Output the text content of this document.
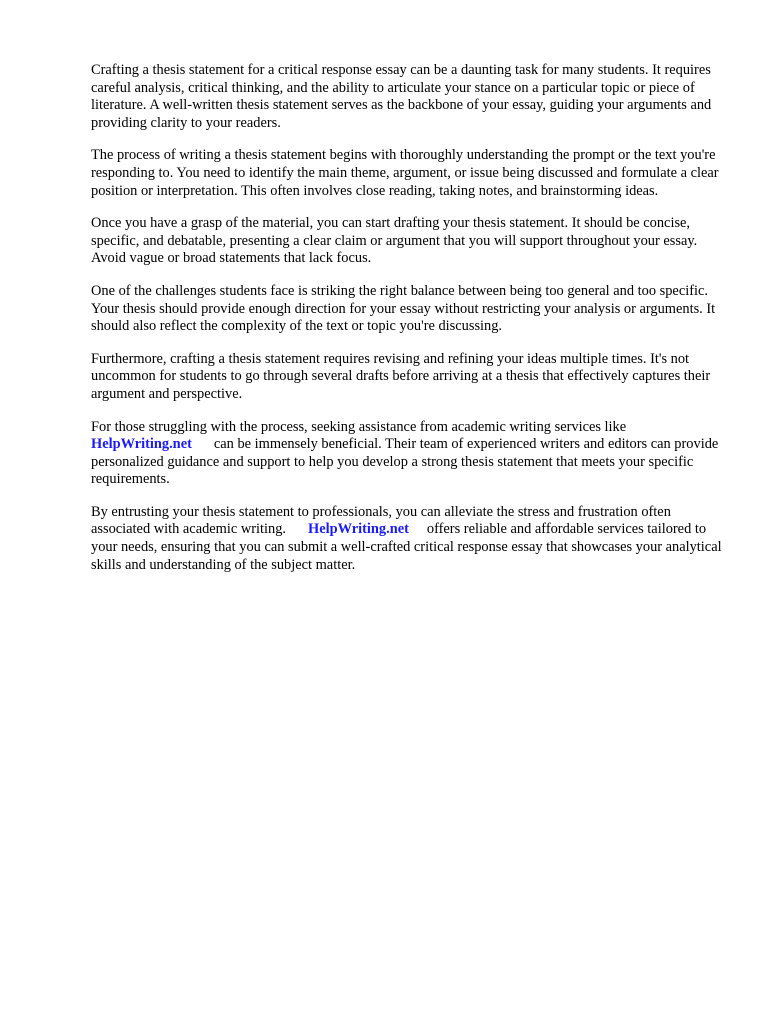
Crafting a thesis statement for a critical response essay can be a daunting task for many students. It requires careful analysis, critical thinking, and the ability to articulate your stance on a particular topic or piece of literature. A well-written thesis statement serves as the backbone of your essay, guiding your arguments and providing clarity to your readers.

The process of writing a thesis statement begins with thoroughly understanding the prompt or the text you're responding to. You need to identify the main theme, argument, or issue being discussed and formulate a clear position or interpretation. This often involves close reading, taking notes, and brainstorming ideas.

Once you have a grasp of the material, you can start drafting your thesis statement. It should be concise, specific, and debatable, presenting a clear claim or argument that you will support throughout your essay. Avoid vague or broad statements that lack focus.

One of the challenges students face is striking the right balance between being too general and too specific. Your thesis should provide enough direction for your essay without restricting your analysis or arguments. It should also reflect the complexity of the text or topic you're discussing.

Furthermore, crafting a thesis statement requires revising and refining your ideas multiple times. It's not uncommon for students to go through several drafts before arriving at a thesis that effectively captures their argument and perspective.

For those struggling with the process, seeking assistance from academic writing services like
HelpWriting.net can be immensely beneficial. Their team of experienced writers and editors can provide personalized guidance and support to help you develop a strong thesis statement that meets your specific requirements.

By entrusting your thesis statement to professionals, you can alleviate the stress and frustration often associated with academic writing. HelpWriting.net offers reliable and affordable services tailored to your needs, ensuring that you can submit a well-crafted critical response essay that showcases your analytical skills and understanding of the subject matter.
